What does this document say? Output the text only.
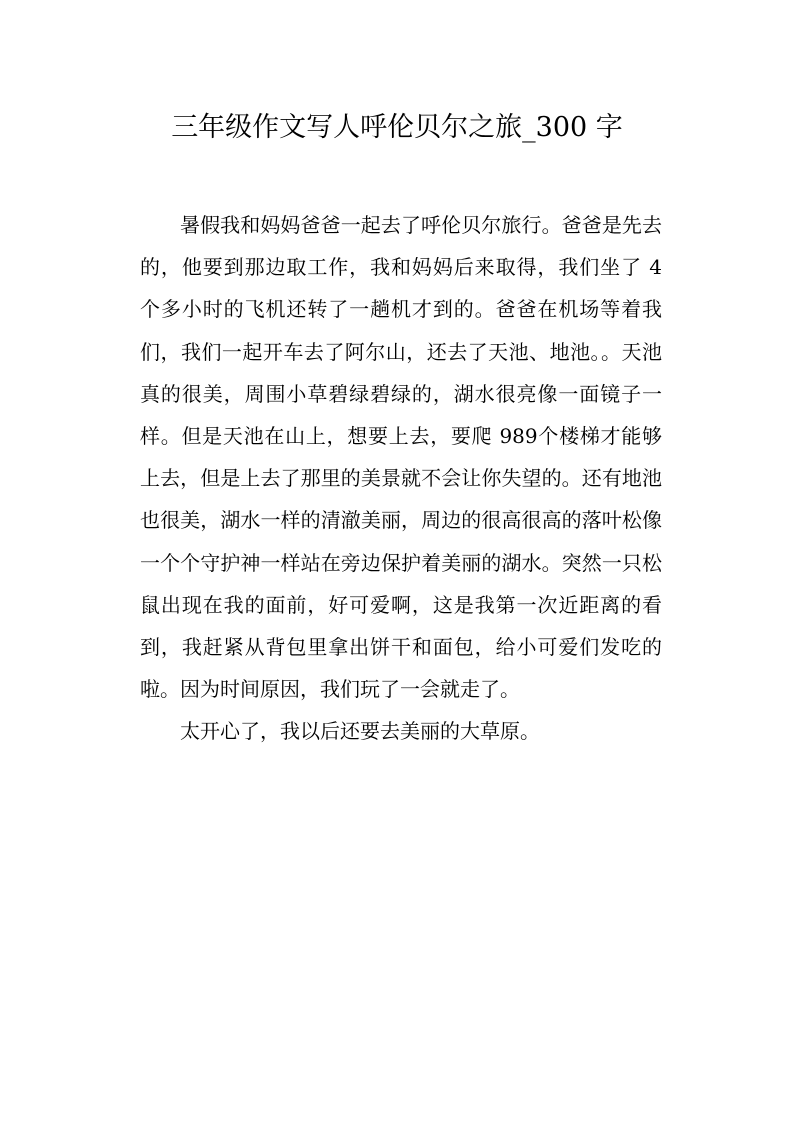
三年级作文写人呼伦贝尔之旅_300 字

暑假我和妈妈爸爸一起去了呼伦贝尔旅行。爸爸是先去的，他要到那边取工作，我和妈妈后来取得，我们坐了 4 个多小时的飞机还转了一趟机才到的。爸爸在机场等着我们，我们一起开车去了阿尔山，还去了天池、地池。。天池真的很美，周围小草碧绿碧绿的，湖水很亮像一面镜子一样。但是天池在山上，想要上去，要爬 989个楼梯才能够上去，但是上去了那里的美景就不会让你失望的。还有地池也很美，湖水一样的清澈美丽，周边的很高很高的落叶松像一个个守护神一样站在旁边保护着美丽的湖水。突然一只松鼠出现在我的面前，好可爱啊，这是我第一次近距离的看到，我赶紧从背包里拿出饼干和面包，给小可爱们发吃的啦。因为时间原因，我们玩了一会就走了。

太开心了，我以后还要去美丽的大草原。
